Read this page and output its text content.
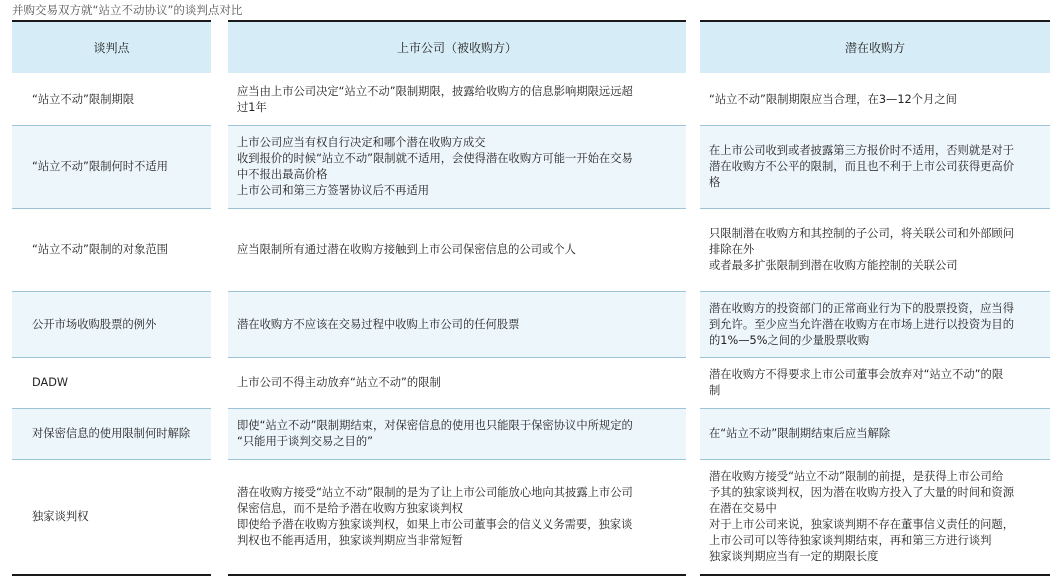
并购交易双方就“站立不动协议”的谈判点对比
谈判点
“站立不动”限制期限
“站立不动”限制何时不适用
“站立不动”限制的对象范围
公开市场收购股票的例外
DADW
对保密信息的使用限制何时解除
独家谈判权
上市公司（被收购方）
应当由上市公司决定“站立不动”限制期限，披露给收购方的信息影响期限远远超
过1年
上市公司应当有权自行决定和哪个潜在收购方成交
收到报价的时候“站立不动”限制就不适用，会使得潜在收购方可能一开始在交易
中不报出最高价格
上市公司和第三方签署协议后不再适用
应当限制所有通过潜在收购方接触到上市公司保密信息的公司或个人
潜在收购方不应该在交易过程中收购上市公司的任何股票
上市公司不得主动放弃“站立不动”的限制
即使“站立不动”限制期结束，对保密信息的使用也只能限于保密协议中所规定的
“只能用于谈判交易之目的”
潜在收购方接受“站立不动”限制的是为了让上市公司能放心地向其披露上市公司
保密信息，而不是给予潜在收购方独家谈判权
即使给予潜在收购方独家谈判权，如果上市公司董事会的信义义务需要，独家谈
判权也不能再适用，独家谈判期应当非常短暂
潜在收购方
“站立不动”限制期限应当合理，在3—12个月之间
在上市公司收到或者披露第三方报价时不适用，否则就是对于
潜在收购方不公平的限制，而且也不利于上市公司获得更高价
格
只限制潜在收购方和其控制的子公司，将关联公司和外部顾问
排除在外
或者最多扩张限制到潜在收购方能控制的关联公司
潜在收购方的投资部门的正常商业行为下的股票投资，应当得
到允许。至少应当允许潜在收购方在市场上进行以投资为目的
的1%—5%之间的少量股票收购
潜在收购方不得要求上市公司董事会放弃对“站立不动”的限
制
在“站立不动”限制期结束后应当解除
潜在收购方接受“站立不动”限制的前提，是获得上市公司给
予其的独家谈判权，因为潜在收购方投入了大量的时间和资源
在潜在交易中
对于上市公司来说，独家谈判期不存在董事信义责任的问题，
上市公司可以等待独家谈判期结束，再和第三方进行谈判
独家谈判期应当有一定的期限长度
